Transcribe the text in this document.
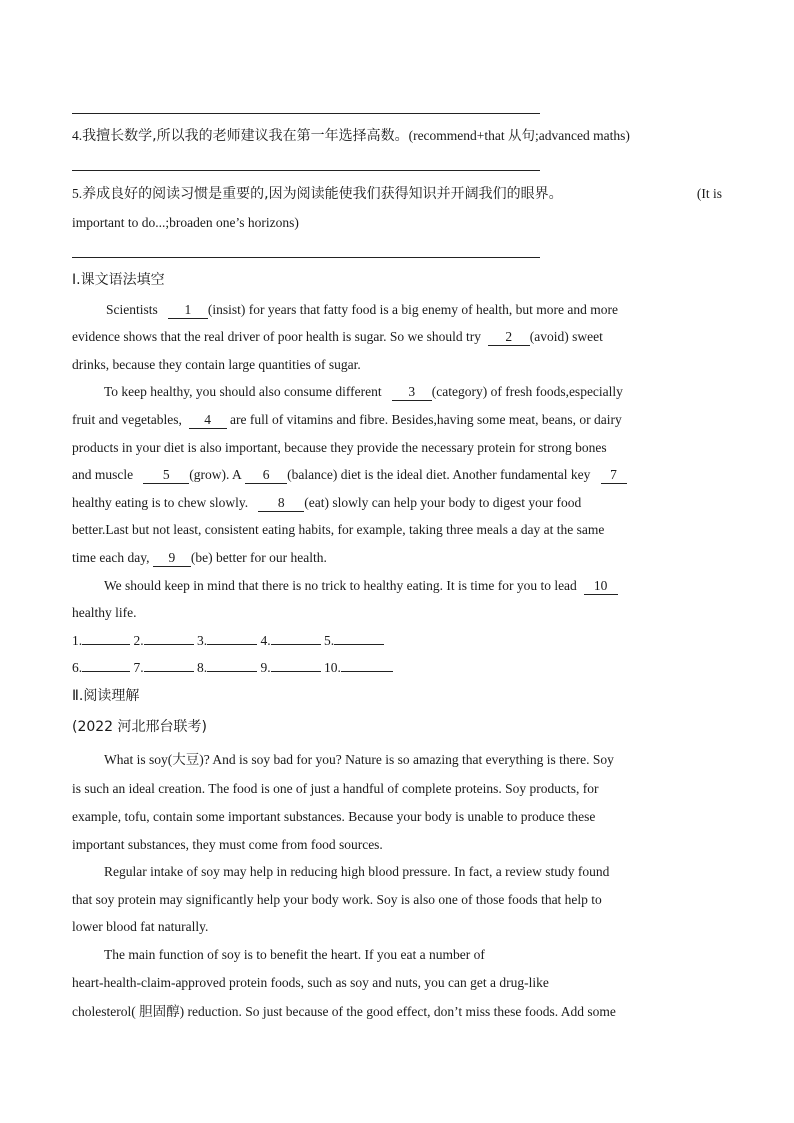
4.我擅长数学,所以我的老师建议我在第一年选择高数。(recommend+that 从句;advanced maths)
5.养成良好的阅读习惯是重要的,因为阅读能使我们获得知识并开阔我们的眼界。	(It is
important to do...;broaden one’s horizons)
Ⅰ.课文语法填空
Scientists 1 (insist) for years that fatty food is a big enemy of health, but more and more
evidence shows that the real driver of poor health is sugar. So we should try 2 (avoid) sweet
drinks, because they contain large quantities of sugar.
To keep healthy, you should also consume different 3 (category) of fresh foods,especially
fruit and vegetables, 4 are full of vitamins and fibre. Besides,having some meat, beans, or dairy
products in your diet is also important, because they provide the necessary protein for strong bones
and muscle 5 (grow). A 6 (balance) diet is the ideal diet. Another fundamental key 7
healthy eating is to chew slowly. 8 (eat) slowly can help your body to digest your food
better.Last but not least, consistent eating habits, for example, taking three meals a day at the same
time each day, 9 (be) better for our health.
We should keep in mind that there is no trick to healthy eating. It is time for you to lead 10
healthy life.
1.	2.	3.	4.	5.
6.	7.	8.	9.	10.
Ⅱ.阅读理解
(2022 河北邢台联考)
What is soy(大豆)? And is soy bad for you? Nature is so amazing that everything is there. Soy
is such an ideal creation. The food is one of just a handful of complete proteins. Soy products, for
example, tofu, contain some important substances. Because your body is unable to produce these
important substances, they must come from food sources.
Regular intake of soy may help in reducing high blood pressure. In fact, a review study found
that soy protein may significantly help your body work. Soy is also one of those foods that help to
lower blood fat naturally.
The main function of soy is to benefit the heart. If you eat a number of
heart-health-claim-approved protein foods, such as soy and nuts, you can get a drug-like
cholesterol( 胆固醇) reduction. So just because of the good effect, don’t miss these foods. Add some
